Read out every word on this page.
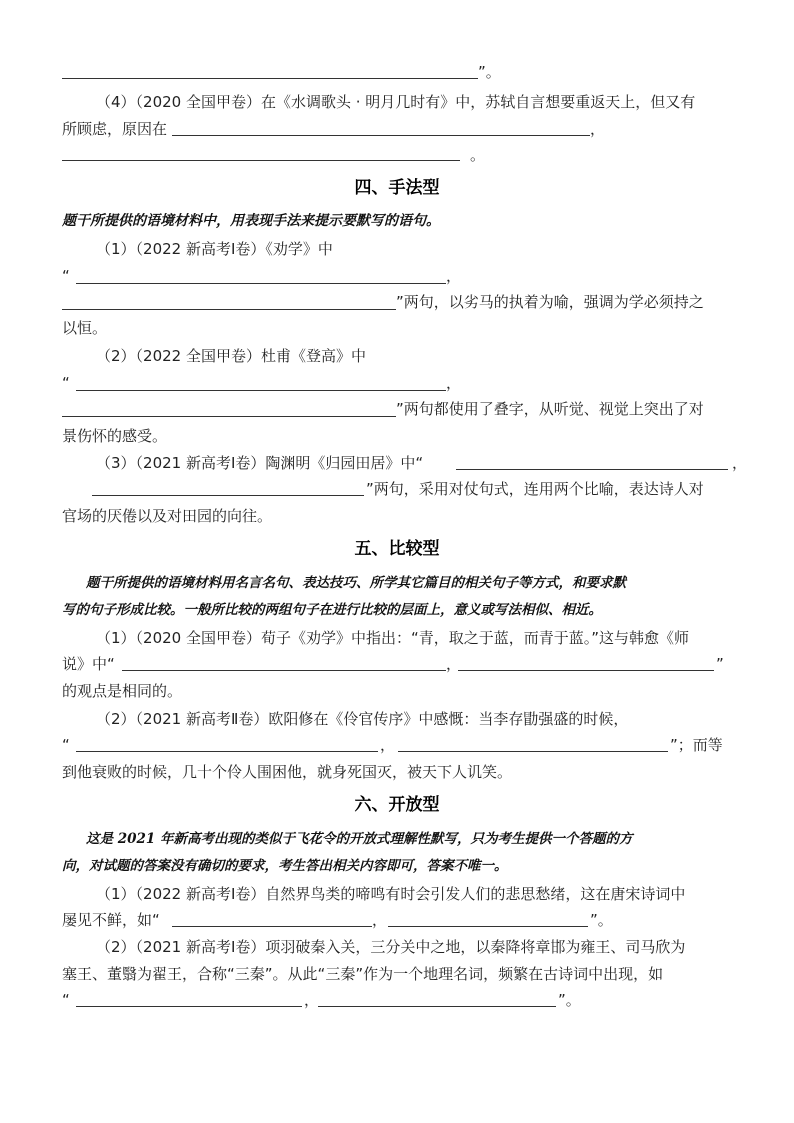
”。
（4）（2020 全国甲卷）在《水调歌头 · 明月几时有》中，苏轼自言想要重返天上，但又有
所顾虑，原因在	，
。
四、手法型
题干所提供的语境材料中，用表现手法来提示要默写的语句。
（1）（2022 新高考Ⅰ卷）《劝学》中
“	，
”两句，以劣马的执着为喻，强调为学必须持之
以恒。
（2）（2022 全国甲卷）杜甫《登高》中
“	，
”两句都使用了叠字，从听觉、视觉上突出了对
景伤怀的感受。
（3）（2021 新高考Ⅰ卷）陶渊明《归园田居》中“	，
”两句，采用对仗句式，连用两个比喻，表达诗人对
官场的厌倦以及对田园的向往。
五、比较型
题干所提供的语境材料用名言名句、表达技巧、所学其它篇目的相关句子等方式，和要求默
写的句子形成比较。一般所比较的两组句子在进行比较的层面上，意义或写法相似、相近。
（1）（2020 全国甲卷）荀子《劝学》中指出：“青，取之于蓝，而青于蓝。”这与韩愈《师
说》中“	，	”
的观点是相同的。
（2）（2021 新高考Ⅱ卷）欧阳修在《伶官传序》中感慨：当李存勖强盛的时候，
“	，	”；而等
到他衰败的时候，几十个伶人围困他，就身死国灭，被天下人讥笑。
六、开放型
这是 2021 年新高考出现的类似于飞花令的开放式理解性默写，只为考生提供一个答题的方
向，对试题的答案没有确切的要求，考生答出相关内容即可，答案不唯一。
（1）（2022 新高考Ⅰ卷）自然界鸟类的啼鸣有时会引发人们的悲思愁绪，这在唐宋诗词中
屡见不鲜，如“	，	”。
（2）（2021 新高考Ⅰ卷）项羽破秦入关，三分关中之地，以秦降将章邯为雍王、司马欣为
塞王、董翳为翟王，合称“三秦”。从此“三秦”作为一个地理名词，频繁在古诗词中出现，如
“	，	”。
